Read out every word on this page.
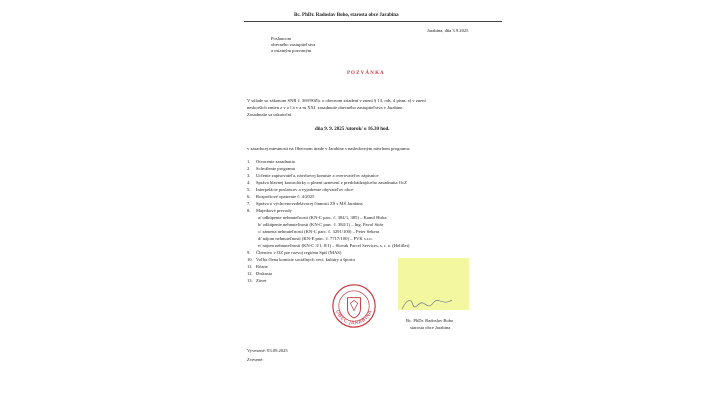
Bc. PhDr. Radoslav Bobo, starosta obce Jarabina
Jarabina, dňa 3.9.2025
Poslancom
obecného zastupiteľstva
a ostatným pozvaným
P O Z V Á N K A
V súlade so zákonom SNR č. 369/90Zb. o obecnom zriadení v znení § 13, ods. 4 písm. a) v znení
neskorších zmien z v o l á v a m XXI. zasadnutie obecného zastupiteľstva v Jarabine.
Zasadnutie sa uskutoční
dňa 9. 9. 2025 /utorok/ o 16.30 hod.
v zasadacej miestnosti na Obecnom úrade v Jarabine s nasledovným návrhom programu:
1. Otvorenie zasadnutia
2. Schválenie programu
3. Určenie zapisovateľa, návrhovej komisie a overovateľov zápisnice
4. Správa hlavnej kontrolórky o plnení uznesení z predchádzajúceho zasadnutia OcZ
5. Interpelácie poslancov a vyjadrenie obyvateľov obce
6. Rozpočtové opatrenie č. 4/2025
7. Správa o výchovnovzdelávacej činnosti ZŠ s MŠ Jarabina
8. Majetkové prevody
a/ odkúpenie nehnuteľnosti (KN-C parc. č. 384/1, 385) – Kamil Hirka
b/ odkúpenie nehnuteľnosti (KN-C parc. č. 384/1) – Ing. Pavol Sitár
c/ zámena nehnuteľností (KN-C parc. č. 3291/100) – Peter Sekera
d/ nájom nehnuteľností (KN-E parc. č. 7717/100) – PVK s.r.o.
e/ nájom nehnuteľnosti (KN-C 3/1, 8/1) – Slovak Parcel Services, s. r. o. (Heliflet)
9. Členstvo v OZ pre rozvoj regiónu Spiš (MAS)
10. Voľba člena komisie sociálnych vecí, kultúry a športu
11. Rôzne
12. Diskusia
13. Záver
OBEC JARABINA
Bc. PhDr. Radoslav Bobo
starosta obce Jarabina
Vyvesené: 03.09.2025
Zvesené:
